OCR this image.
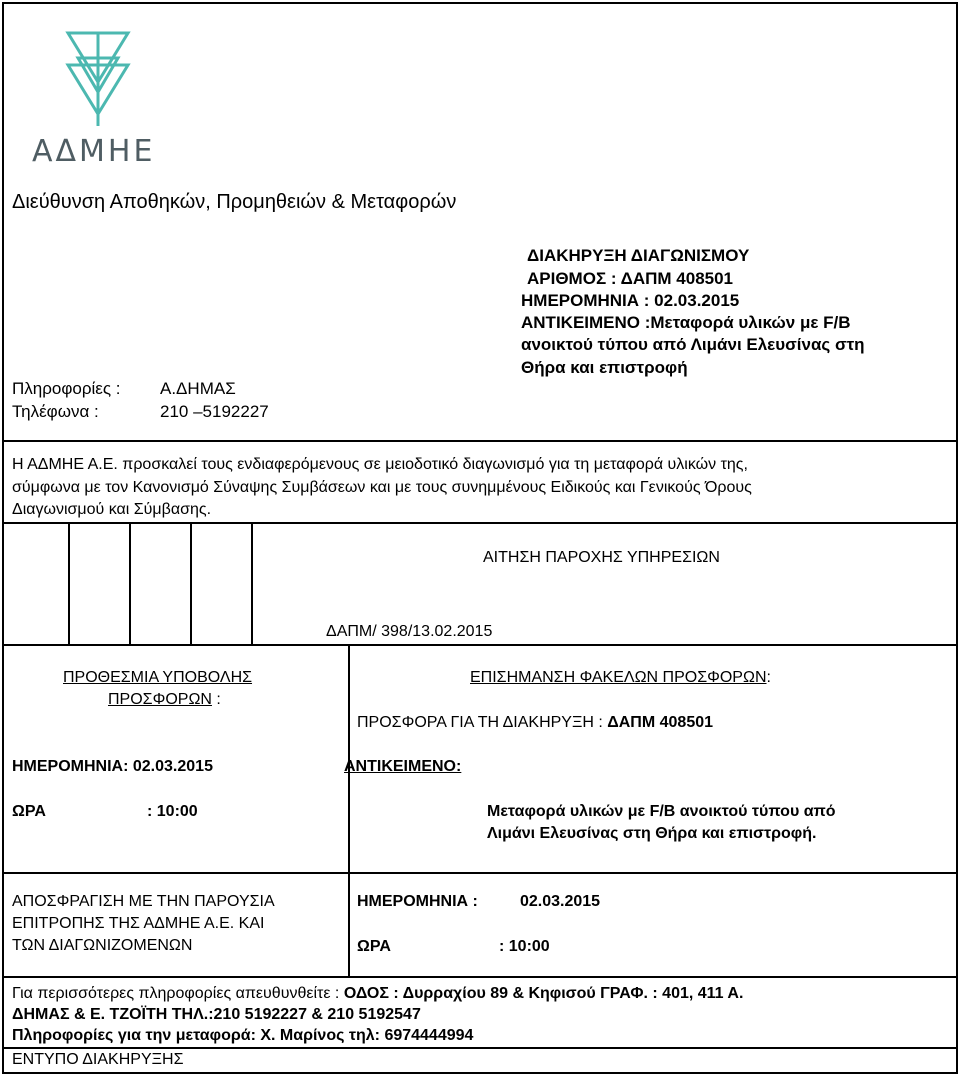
ΑΔΜΗΕ
Διεύθυνση Αποθηκών, Προμηθειών & Μεταφορών
ΔΙΑΚΗΡΥΞΗ ΔΙΑΓΩΝΙΣΜΟΥ
ΑΡΙΘΜΟΣ : ΔΑΠΜ 408501
ΗΜΕΡΟΜΗΝΙΑ : 02.03.2015
ΑΝΤΙΚΕΙΜΕΝΟ :Μεταφορά υλικών με F/B
ανοικτού τύπου από Λιμάνι Ελευσίνας στη
Θήρα και επιστροφή
Πληροφορίες : Α.ΔΗΜΑΣ
Τηλέφωνα :	210 –5192227
Η ΑΔΜΗΕ Α.Ε. προσκαλεί τους ενδιαφερόμενους σε μειοδοτικό διαγωνισμό για τη μεταφορά υλικών της,
σύμφωνα με τον Κανονισμό Σύναψης Συμβάσεων και με τους συνημμένους Ειδικούς και Γενικούς Όρους
Διαγωνισμού και Σύμβασης.
ΑΙΤΗΣΗ ΠΑΡΟΧΗΣ ΥΠΗΡΕΣΙΩΝ
ΔΑΠΜ/ 398/13.02.2015
ΠΡΟΘΕΣΜΙΑ ΥΠΟΒΟΛΗΣ
ΠΡΟΣΦΟΡΩΝ :
ΗΜΕΡΟΜΗΝΙΑ: 02.03.2015
ΩΡΑ	: 10:00
ΕΠΙΣΗΜΑΝΣΗ ΦΑΚΕΛΩΝ ΠΡΟΣΦΟΡΩΝ:
ΠΡΟΣΦΟΡΑ ΓΙΑ ΤΗ ΔΙΑΚΗΡΥΞΗ : ΔΑΠΜ 408501
ΑΝΤΙΚΕΙΜΕΝΟ:
Μεταφορά υλικών με F/B ανοικτού τύπου από
Λιμάνι Ελευσίνας στη Θήρα και επιστροφή.
ΑΠΟΣΦΡΑΓΙΣΗ ΜΕ ΤΗΝ ΠΑΡΟΥΣΙΑ
ΕΠΙΤΡΟΠΗΣ ΤΗΣ ΑΔΜΗΕ Α.Ε. ΚΑΙ
ΤΩΝ ΔΙΑΓΩΝΙΖΟΜΕΝΩΝ
ΗΜΕΡΟΜΗΝΙΑ :	02.03.2015
ΩΡΑ	: 10:00
Για περισσότερες πληροφορίες απευθυνθείτε : ΟΔΟΣ : Δυρραχίου 89 & Κηφισού ΓΡΑΦ. : 401, 411 Α.
ΔΗΜΑΣ & Ε. ΤΖΟΪΤΗ ΤΗΛ.:210 5192227 & 210 5192547
Πληροφορίες για την μεταφορά: Χ. Μαρίνος τηλ: 6974444994
ΕΝΤΥΠΟ ΔΙΑΚΗΡΥΞΗΣ
